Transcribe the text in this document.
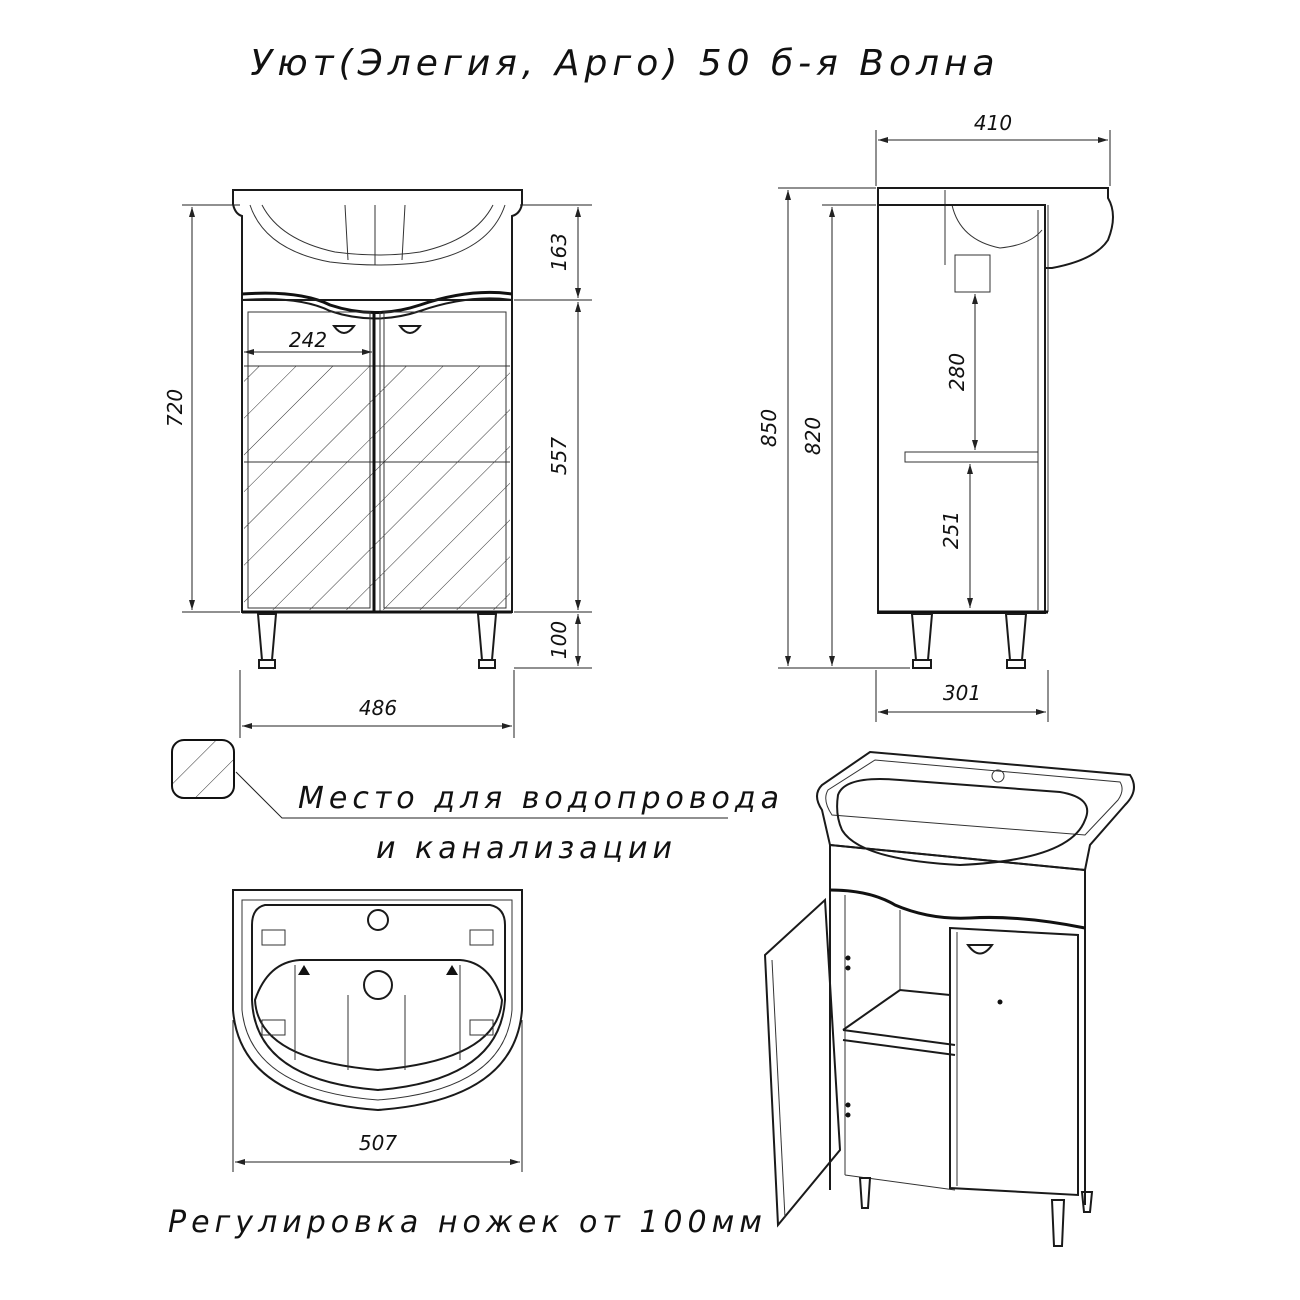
Уют(Элегия, Арго) 50 б-я Волна
720
163
557
100
242
486
410
850 820
280
251
301
Место для водопровода
и канализации
507
Регулировка ножек от 100мм
